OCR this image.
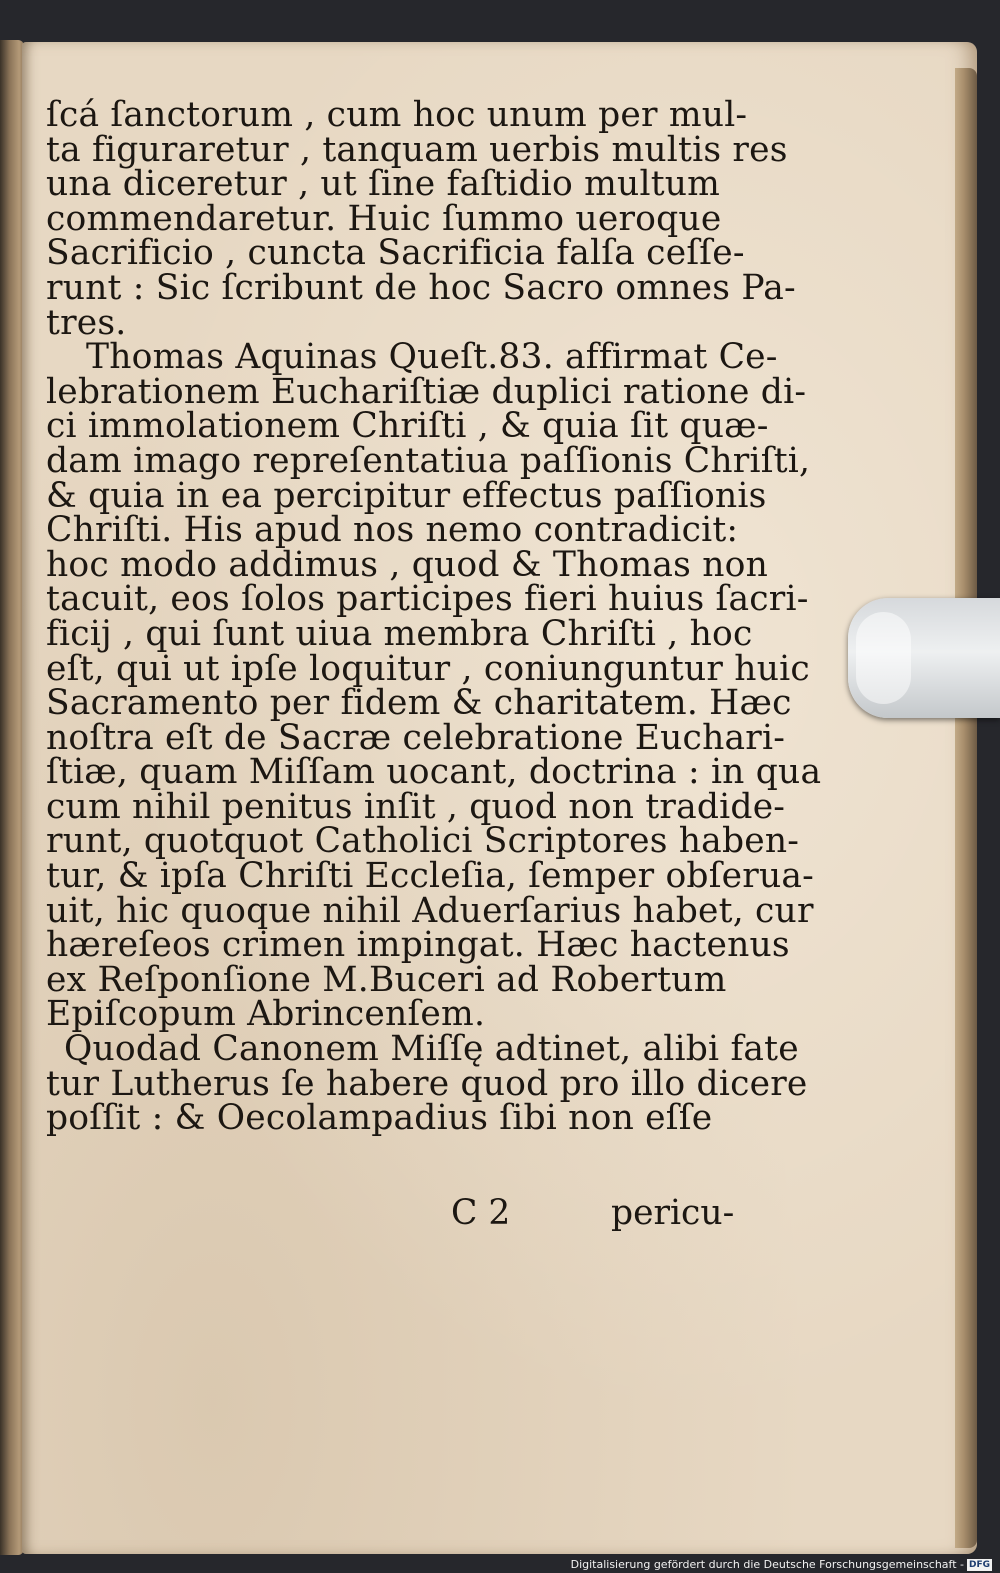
ſcá ſanctorum , cum hoc unum per mul-
ta figuraretur , tanquam uerbis multis res
una diceretur , ut ſine faſtidio multum
commendaretur. Huic ſummo ueroque
Sacrificio , cuncta Sacrificia falſa ceſſe-
runt : Sic ſcribunt de hoc Sacro omnes Pa-
tres.
Thomas Aquinas Queſt.83. affirmat Ce-
lebrationem Euchariſtiæ duplici ratione di-
ci immolationem Chriſti , & quia ſit quæ-
dam imago repreſentatiua paſſionis Chriſti,
& quia in ea percipitur effectus paſſionis
Chriſti. His apud nos nemo contradicit:
hoc modo addimus , quod & Thomas non
tacuit, eos ſolos participes fieri huius ſacri-
ficij , qui ſunt uiua membra Chriſti , hoc
eſt, qui ut ipſe loquitur , coniunguntur huic
Sacramento per fidem & charitatem. Hæc
noſtra eſt de Sacræ celebratione Euchari-
ſtiæ, quam Miſſam uocant, doctrina : in qua
cum nihil penitus inſit , quod non tradide-
runt, quotquot Catholici Scriptores haben-
tur, & ipſa Chriſti Eccleſia, ſemper obſerua-
uit, hic quoque nihil Aduerſarius habet, cur
hæreſeos crimen impingat. Hæc hactenus
ex Reſponſione M.Buceri ad Robertum
Epiſcopum Abrincenſem.
Quodad Canonem Miſſę adtinet, alibi fate
tur Lutherus ſe habere quod pro illo dicere
poſſit : & Oecolampadius ſibi non eſſe
C 2	pericu-
Digitalisierung gefördert durch die Deutsche Forschungsgemeinschaft - DFG
